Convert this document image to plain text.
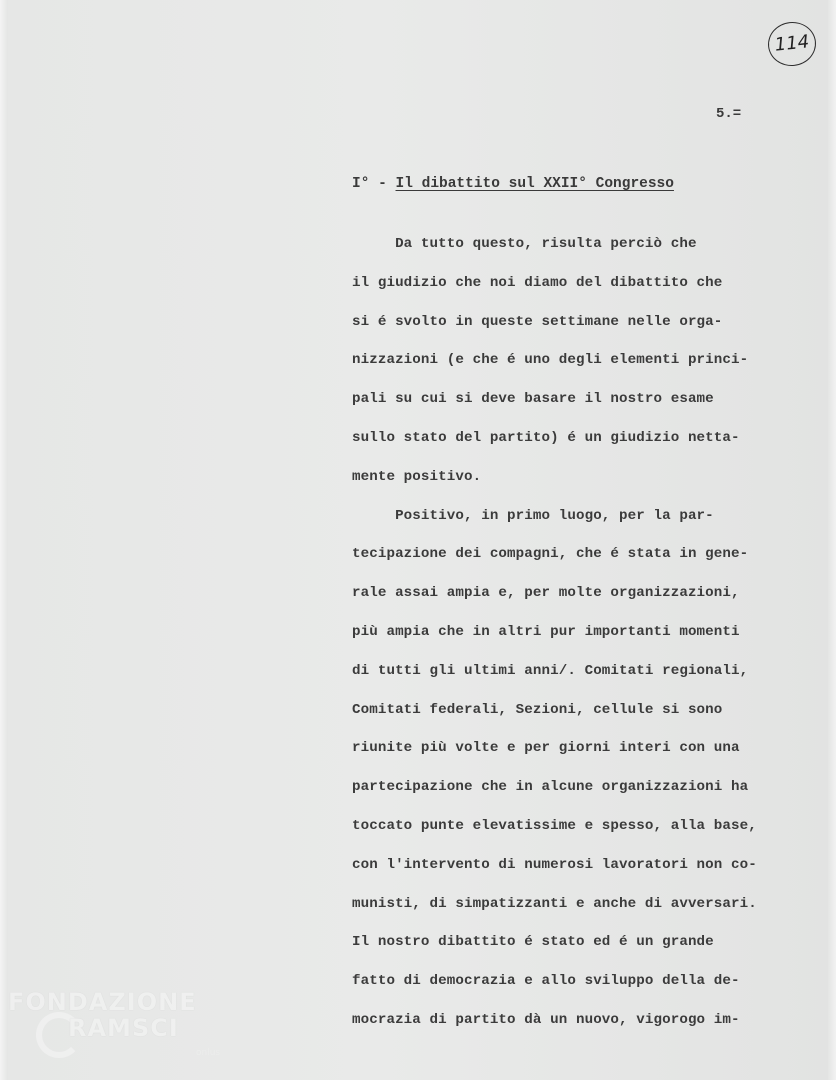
114
5.=
I° - Il dibattito sul XXII° Congresso
Da tutto questo, risulta perciò che
il giudizio che noi diamo del dibattito che
si é svolto in queste settimane nelle orga-
nizzazioni (e che é uno degli elementi princi-
pali su cui si deve basare il nostro esame
sullo stato del partito) é un giudizio netta-
mente positivo.
Positivo, in primo luogo, per la par-
tecipazione dei compagni, che é stata in gene-
rale assai ampia e, per molte organizzazioni,
più ampia che in altri pur importanti momenti
di tutti gli ultimi anni/. Comitati regionali,
Comitati federali, Sezioni, cellule si sono
riunite più volte e per giorni interi con una
partecipazione che in alcune organizzazioni ha
toccato punte elevatissime e spesso, alla base,
con l'intervento di numerosi lavoratori non co-
munisti, di simpatizzanti e anche di avversari.
Il nostro dibattito é stato ed é un grande
fatto di democrazia e allo sviluppo della de-
mocrazia di partito dà un nuovo, vigorogo im-
FONDAZIONE
RAMSCI
onlus
